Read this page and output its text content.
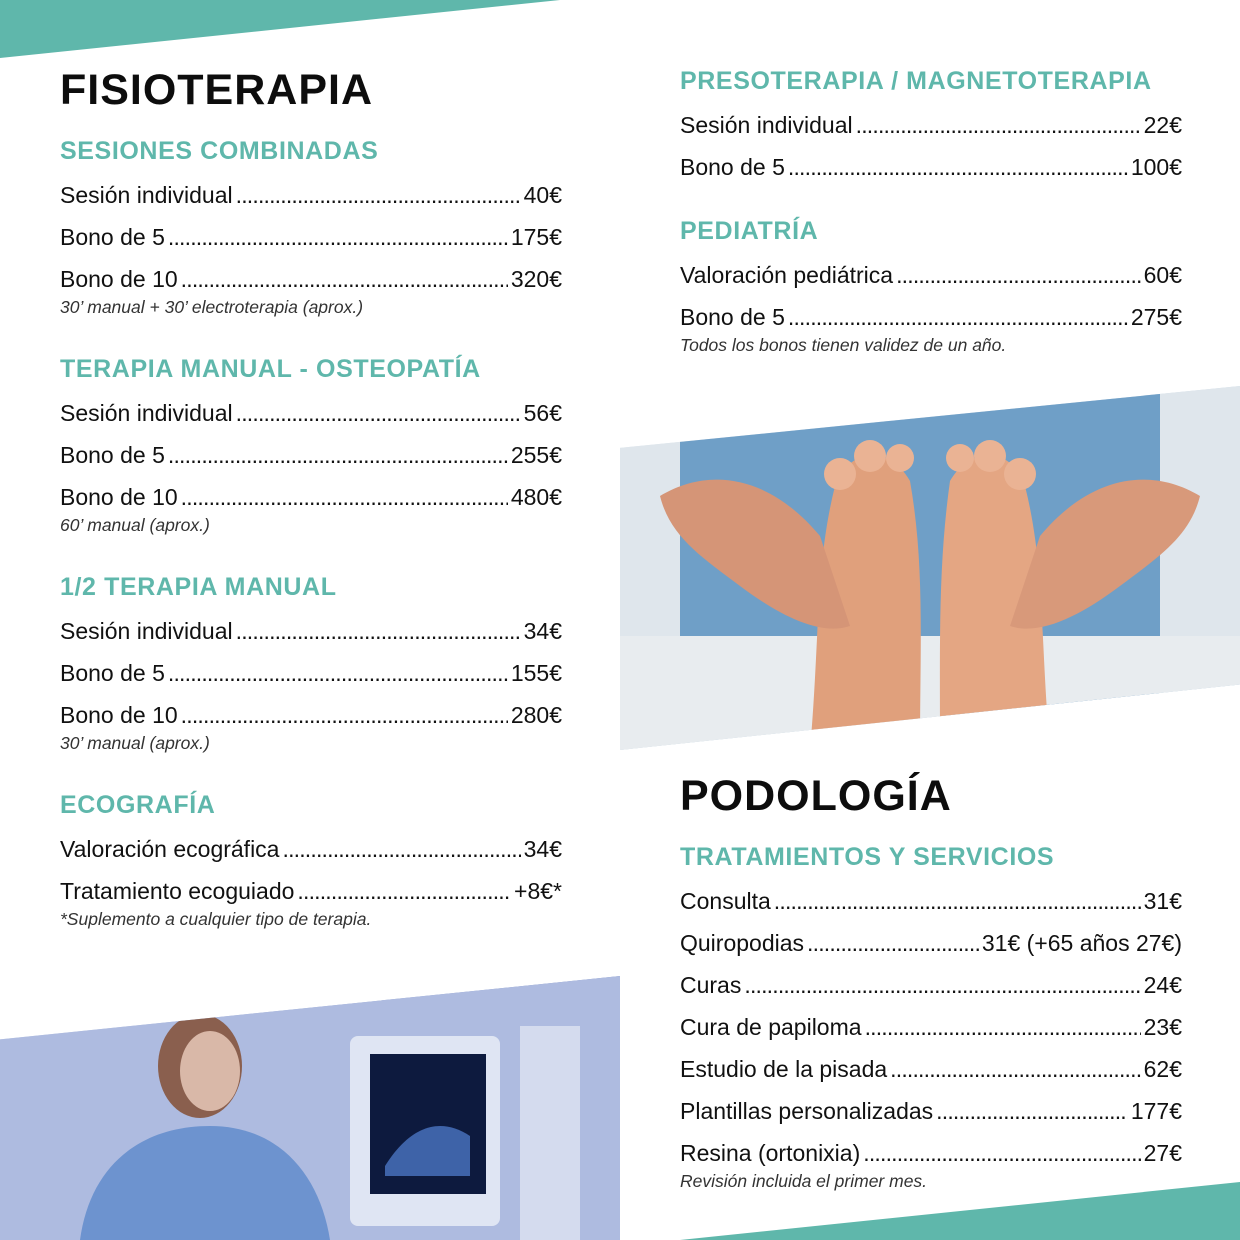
FISIOTERAPIA
SESIONES COMBINADAS
Sesión individual . . .	40€
Bono de 5 . . .	175€
Bono de 10 . . .	320€
30’ manual + 30’ electroterapia (aprox.)
TERAPIA MANUAL - OSTEOPATÍA
Sesión individual . . .	56€
Bono de 5 . . .	255€
Bono de 10 . . .	480€
60’ manual (aprox.)
1/2 TERAPIA MANUAL
Sesión individual . . .	34€
Bono de 5 . . .	155€
Bono de 10 . . .	280€
30’ manual (aprox.)
ECOGRAFÍA
Valoración ecográfica . . .	34€
Tratamiento ecoguiado . . .	+8€*
*Suplemento a cualquier tipo de terapia.
PRESOTERAPIA / MAGNETOTERAPIA
Sesión individual . . .	22€
Bono de 5 . . .	100€
PEDIATRÍA
Valoración pediátrica . . .	60€
Bono de 5 . . .	275€
Todos los bonos tienen validez de un año.
PODOLOGÍA
TRATAMIENTOS Y SERVICIOS
Consulta . . .	31€
Quiropodias . . .	31€ (+65 años 27€)
Curas . . .	24€
Cura de papiloma . . .	23€
Estudio de la pisada . . .	62€
Plantillas personalizadas . . .	177€
Resina (ortonixia) . . .	27€
Revisión incluida el primer mes.
